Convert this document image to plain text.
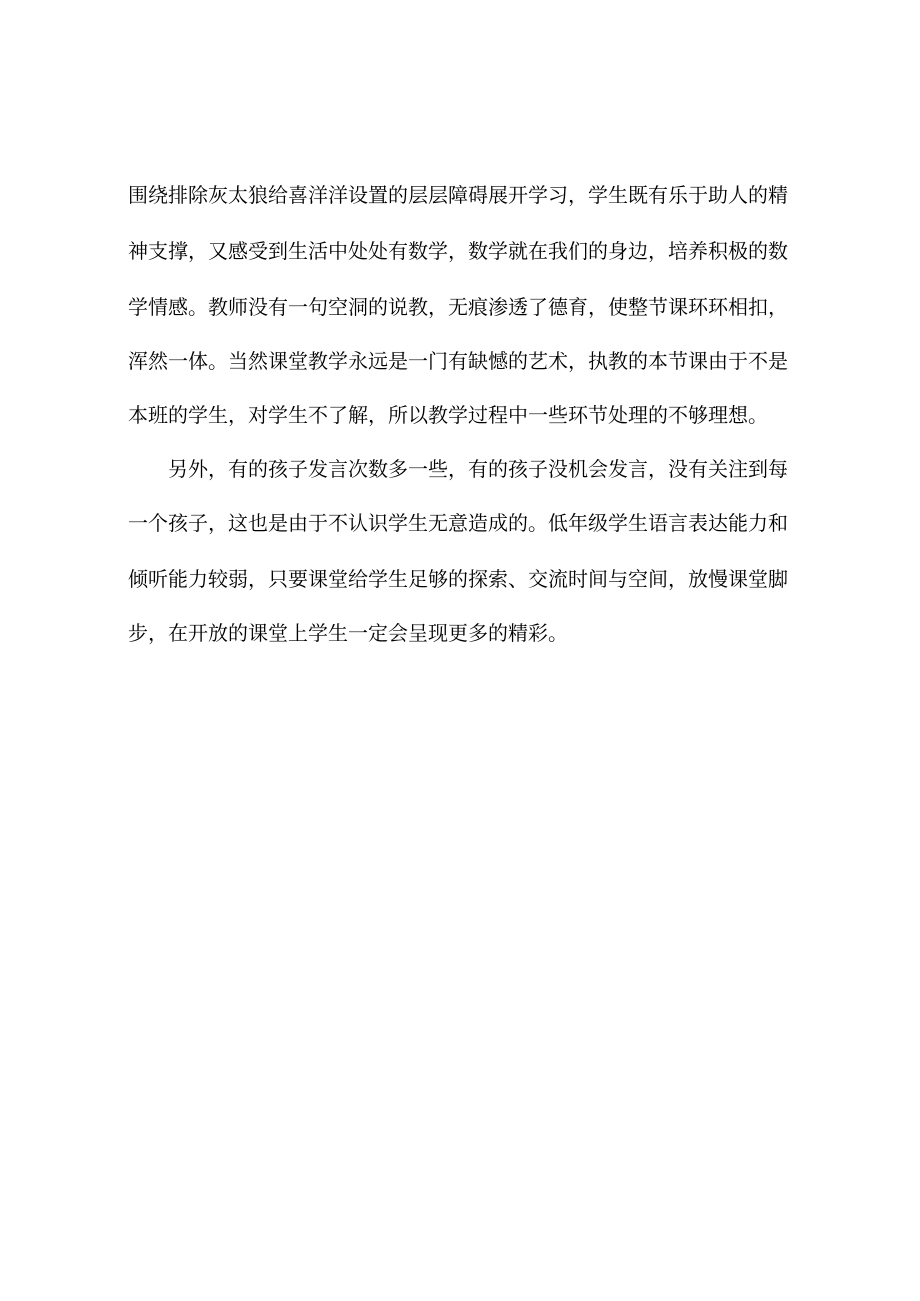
围绕排除灰太狼给喜洋洋设置的层层障碍展开学习，学生既有乐于助人的精
神支撑，又感受到生活中处处有数学，数学就在我们的身边，培养积极的数
学情感。教师没有一句空洞的说教，无痕渗透了德育，使整节课环环相扣，
浑然一体。当然课堂教学永远是一门有缺憾的艺术，执教的本节课由于不是
本班的学生，对学生不了解，所以教学过程中一些环节处理的不够理想。
另外，有的孩子发言次数多一些，有的孩子没机会发言，没有关注到每
一个孩子，这也是由于不认识学生无意造成的。低年级学生语言表达能力和
倾听能力较弱，只要课堂给学生足够的探索、交流时间与空间，放慢课堂脚
步，在开放的课堂上学生一定会呈现更多的精彩。
